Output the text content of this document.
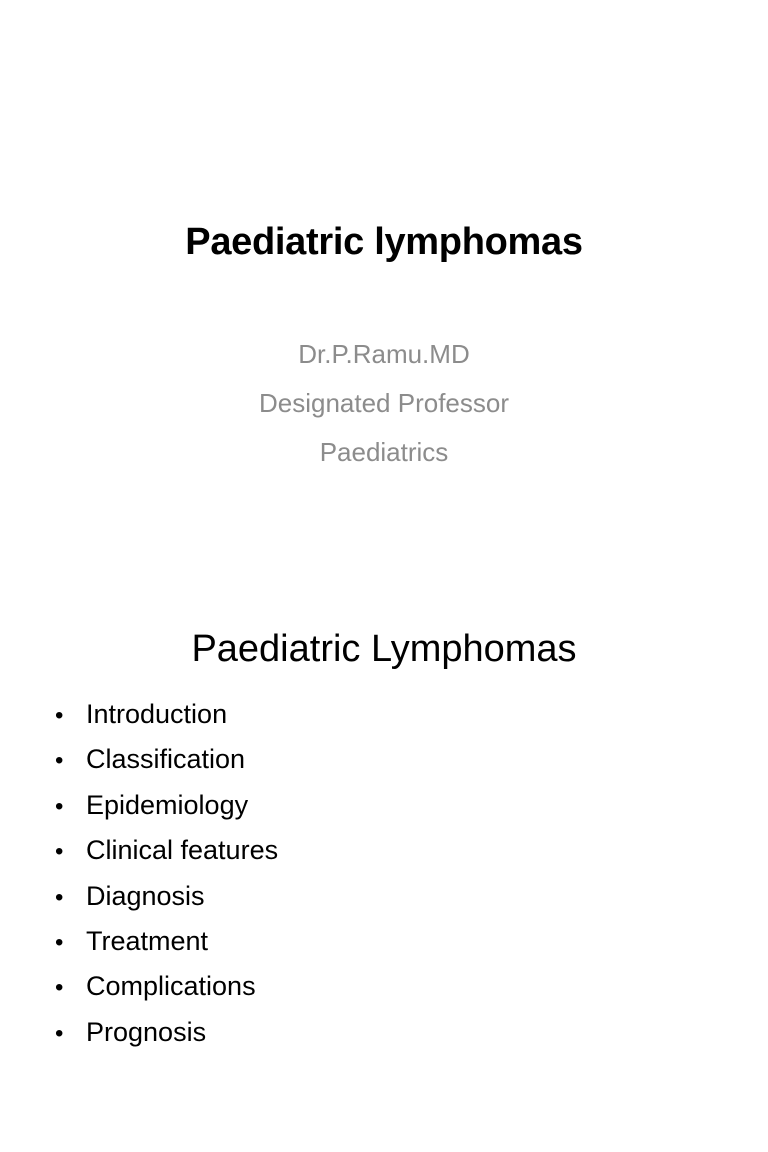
Paediatric lymphomas
Dr.P.Ramu.MD
Designated Professor
Paediatrics
Paediatric Lymphomas
• Introduction
• Classification
• Epidemiology
• Clinical features
• Diagnosis
• Treatment
• Complications
• Prognosis
